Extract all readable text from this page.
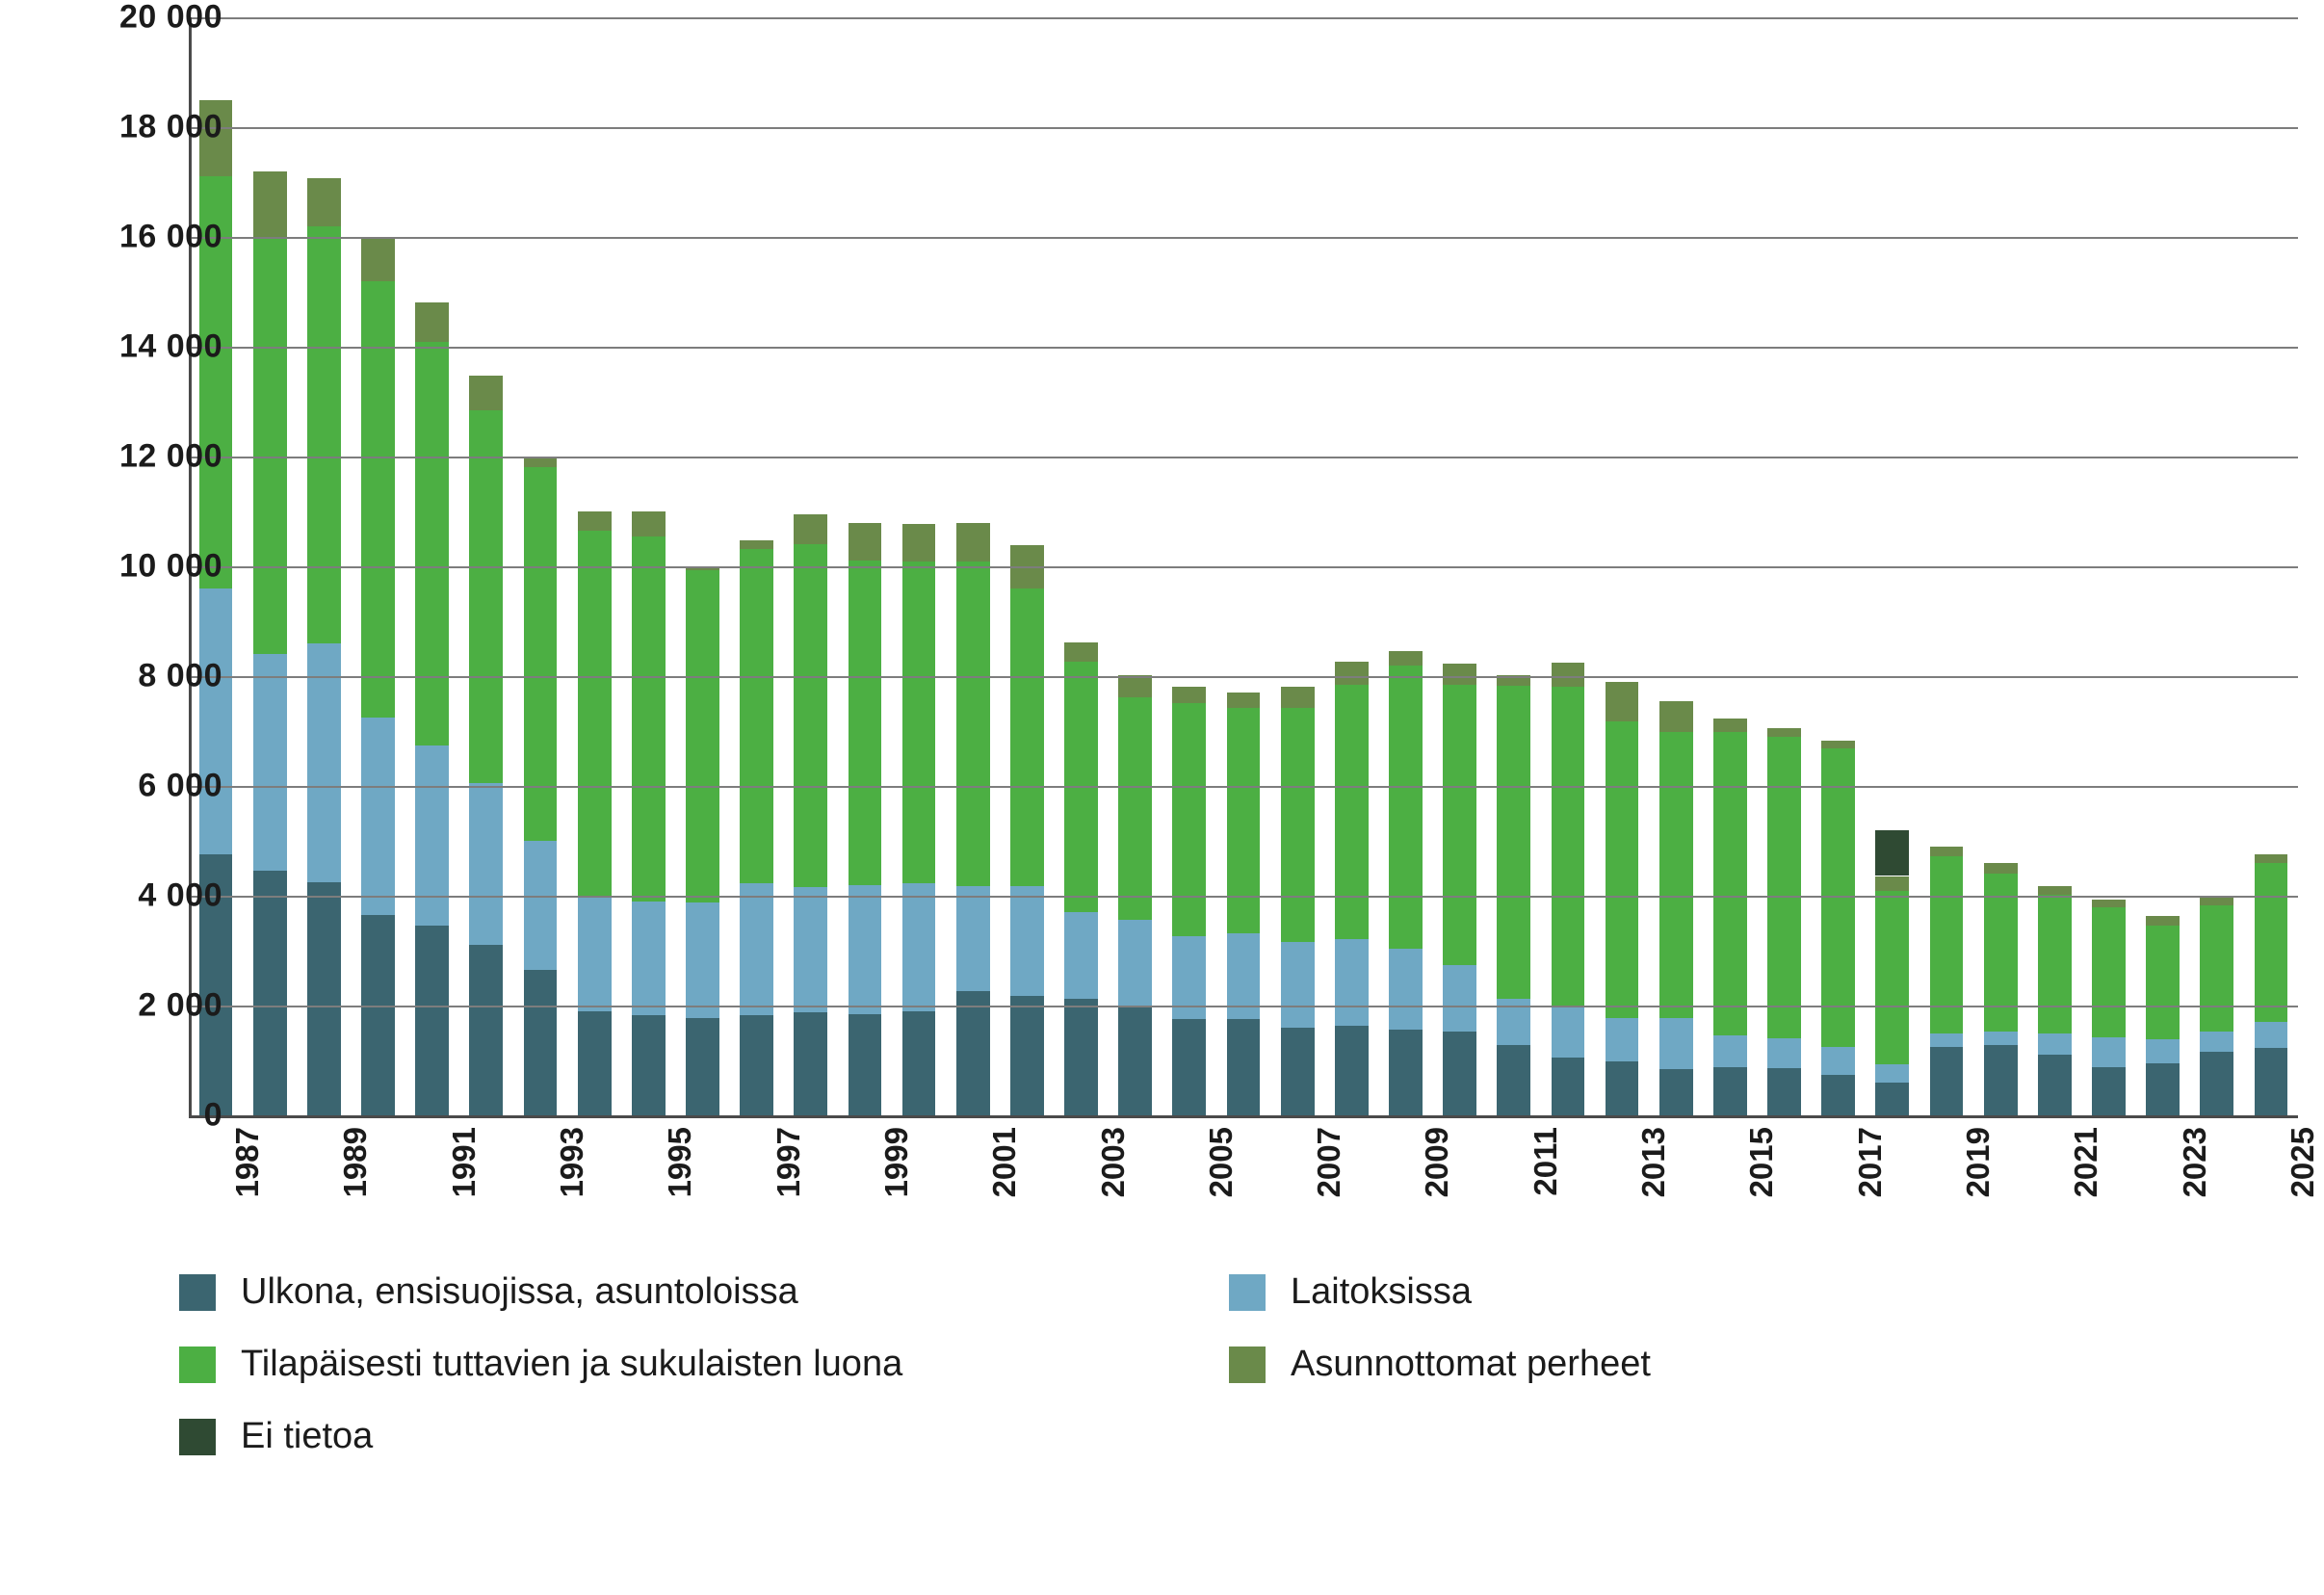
0
2 000
4 000
6 000
8 000
10 000
12 000
14 000
16 000
18 000
20 000
1987 1989 1991 1993 1995 1997 1999 2001 2003 2005 2007 2009 2011 2013 2015 2017 2019 2021 2023 2025
Ulkona, ensisuojissa, asuntoloissa	Laitoksissa
Tilapäisesti tuttavien ja sukulaisten luona	Asunnottomat perheet
Ei tietoa
